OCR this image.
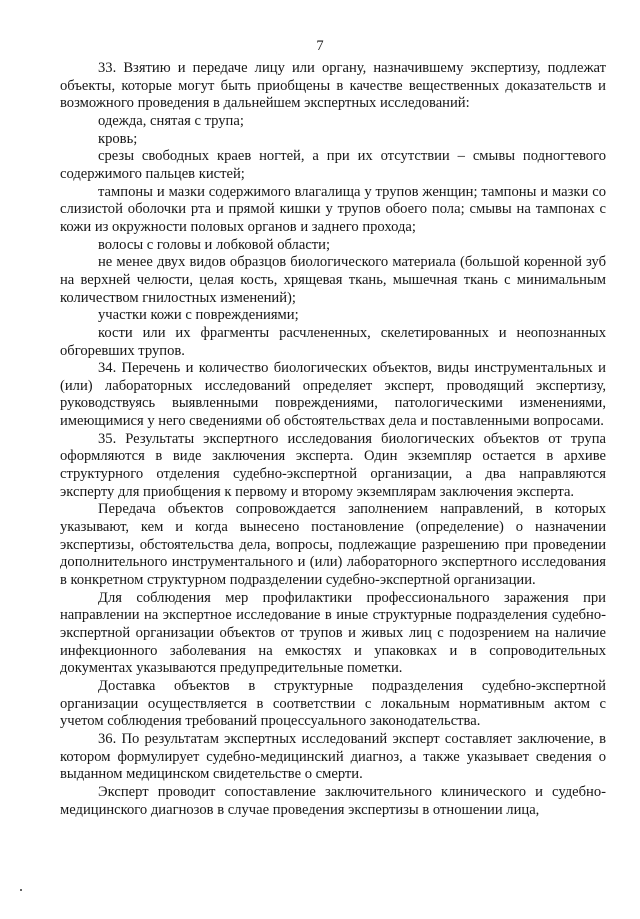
7

33. Взятию и передаче лицу или органу, назначившему экспертизу, подлежат объекты, которые могут быть приобщены в качестве вещественных доказательств и возможного проведения в дальнейшем экспертных исследований:

одежда, снятая с трупа;

кровь;

срезы свободных краев ногтей, а при их отсутствии – смывы подногтевого содержимого пальцев кистей;

тампоны и мазки содержимого влагалища у трупов женщин; тампоны и мазки со слизистой оболочки рта и прямой кишки у трупов обоего пола; смывы на тампонах с кожи из окружности половых органов и заднего прохода;

волосы с головы и лобковой области;

не менее двух видов образцов биологического материала (большой коренной зуб на верхней челюсти, целая кость, хрящевая ткань, мышечная ткань с минимальным количеством гнилостных изменений);

участки кожи с повреждениями;

кости или их фрагменты расчлененных, скелетированных и неопознанных обгоревших трупов.

34. Перечень и количество биологических объектов, виды инструментальных и (или) лабораторных исследований определяет эксперт, проводящий экспертизу, руководствуясь выявленными повреждениями, патологическими изменениями, имеющимися у него сведениями об обстоятельствах дела и поставленными вопросами.

35. Результаты экспертного исследования биологических объектов от трупа оформляются в виде заключения эксперта. Один экземпляр остается в архиве структурного отделения судебно-экспертной организации, а два направляются эксперту для приобщения к первому и второму экземплярам заключения эксперта.

Передача объектов сопровождается заполнением направлений, в которых указывают, кем и когда вынесено постановление (определение) о назначении экспертизы, обстоятельства дела, вопросы, подлежащие разрешению при проведении дополнительного инструментального и (или) лабораторного экспертного исследования в конкретном структурном подразделении судебно-экспертной организации.

Для соблюдения мер профилактики профессионального заражения при направлении на экспертное исследование в иные структурные подразделения судебно-экспертной организации объектов от трупов и живых лиц с подозрением на наличие инфекционного заболевания на емкостях и упаковках и в сопроводительных документах указываются предупредительные пометки.

Доставка объектов в структурные подразделения судебно-экспертной организации осуществляется в соответствии с локальным нормативным актом с учетом соблюдения требований процессуального законодательства.

36. По результатам экспертных исследований эксперт составляет заключение, в котором формулирует судебно-медицинский диагноз, а также указывает сведения о выданном медицинском свидетельстве о смерти.

Эксперт проводит сопоставление заключительного клинического и судебно-медицинского диагнозов в случае проведения экспертизы в отношении лица,
